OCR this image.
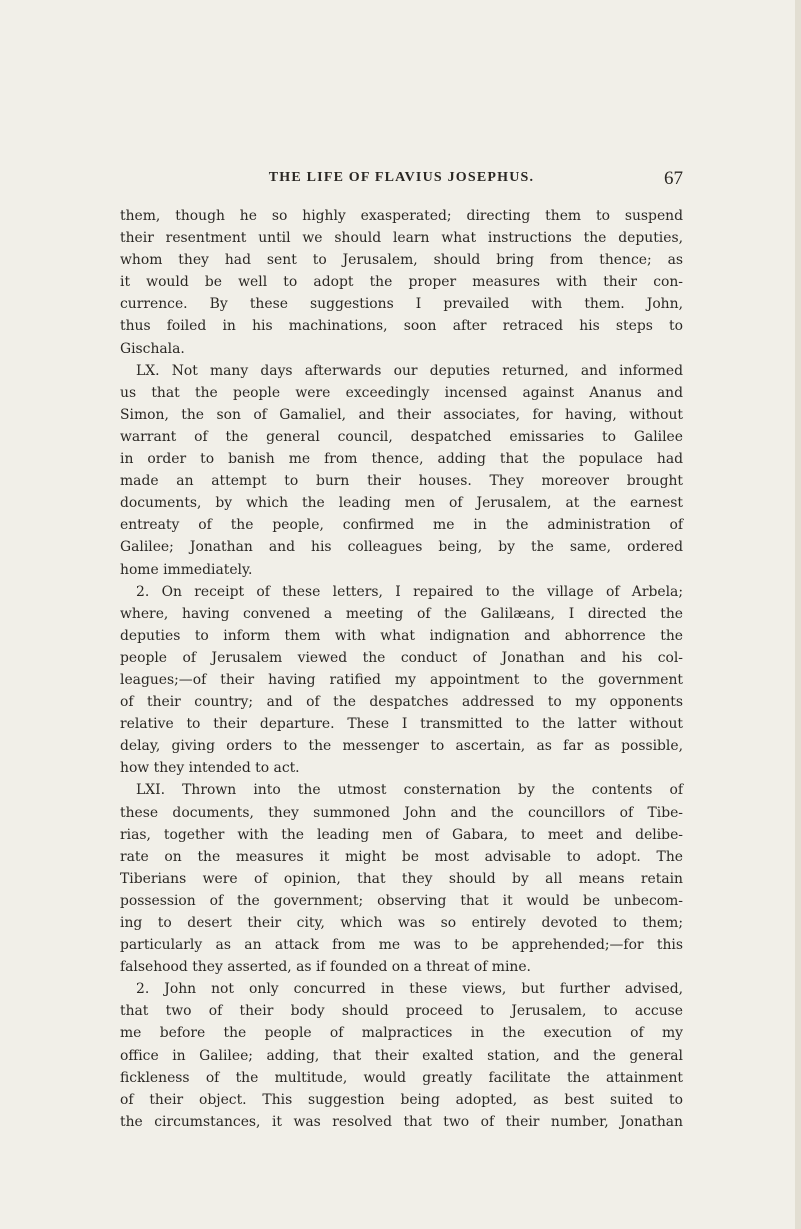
THE LIFE OF FLAVIUS JOSEPHUS.	67
them, though he so highly exasperated; directing them to suspend
their resentment until we should learn what instructions the deputies,
whom they had sent to Jerusalem, should bring from thence; as
it would be well to adopt the proper measures with their con-
currence. By these suggestions I prevailed with them. John,
thus foiled in his machinations, soon after retraced his steps to
Gischala.
LX. Not many days afterwards our deputies returned, and informed
us that the people were exceedingly incensed against Ananus and
Simon, the son of Gamaliel, and their associates, for having, without
warrant of the general council, despatched emissaries to Galilee
in order to banish me from thence, adding that the populace had
made an attempt to burn their houses. They moreover brought
documents, by which the leading men of Jerusalem, at the earnest
entreaty of the people, confirmed me in the administration of
Galilee; Jonathan and his colleagues being, by the same, ordered
home immediately.
2. On receipt of these letters, I repaired to the village of Arbela;
where, having convened a meeting of the Galilæans, I directed the
deputies to inform them with what indignation and abhorrence the
people of Jerusalem viewed the conduct of Jonathan and his col-
leagues;—of their having ratified my appointment to the government
of their country; and of the despatches addressed to my opponents
relative to their departure. These I transmitted to the latter without
delay, giving orders to the messenger to ascertain, as far as possible,
how they intended to act.
LXI. Thrown into the utmost consternation by the contents of
these documents, they summoned John and the councillors of Tibe-
rias, together with the leading men of Gabara, to meet and delibe-
rate on the measures it might be most advisable to adopt. The
Tiberians were of opinion, that they should by all means retain
possession of the government; observing that it would be unbecom-
ing to desert their city, which was so entirely devoted to them;
particularly as an attack from me was to be apprehended;—for this
falsehood they asserted, as if founded on a threat of mine.
2. John not only concurred in these views, but further advised,
that two of their body should proceed to Jerusalem, to accuse
me before the people of malpractices in the execution of my
office in Galilee; adding, that their exalted station, and the general
fickleness of the multitude, would greatly facilitate the attainment
of their object. This suggestion being adopted, as best suited to
the circumstances, it was resolved that two of their number, Jonathan
